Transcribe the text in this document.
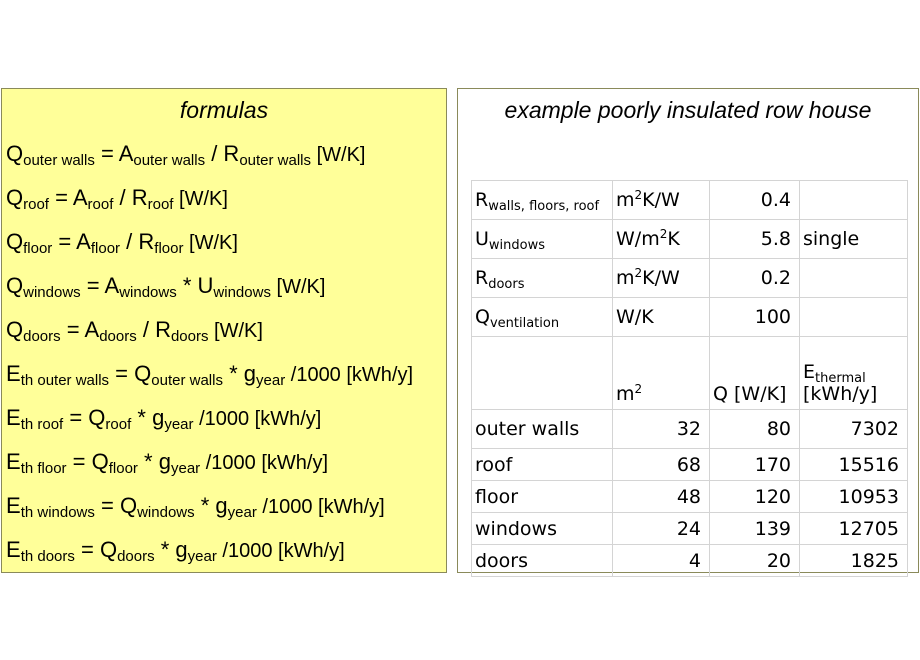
formulas
$Q_{outer walls} = A_{outer walls} / R_{outer walls}$ [W/K]
$Q_{roof} = A_{roof} / R_{roof}$ [W/K]
$Q_{floor} = A_{floor} / R_{floor}$ [W/K]
$Q_{windows} = A_{windows} * U_{windows}$ [W/K]
$Q_{doors} = A_{doors} / R_{doors}$ [W/K]
$E_{th outer walls} = Q_{outer walls} * g_{year}$ /1000 [kWh/y]
$E_{th roof} = Q_{roof} * g_{year}$ /1000 [kWh/y]
$E_{th floor} = Q_{floor} * g_{year}$ /1000 [kWh/y]
$E_{th windows} = Q_{windows} * g_{year}$ /1000 [kWh/y]
$E_{th doors} = Q_{doors} * g_{year}$ /1000 [kWh/y]
example poorly insulated row house
$R_{walls, floors, roof}$	$m^2K/W$	0.4	
$U_{windows}$	$W/m^2K$	5.8	single
$R_{doors}$	$m^2K/W$	0.2	
$Q_{ventilation}$	W/K	100	
	$m^2$	Q [W/K]	$E_{thermal}$
[kWh/y]
outer walls	32	80	7302
roof	68	170	15516
floor	48	120	10953
windows	24	139	12705
doors	4	20	1825
